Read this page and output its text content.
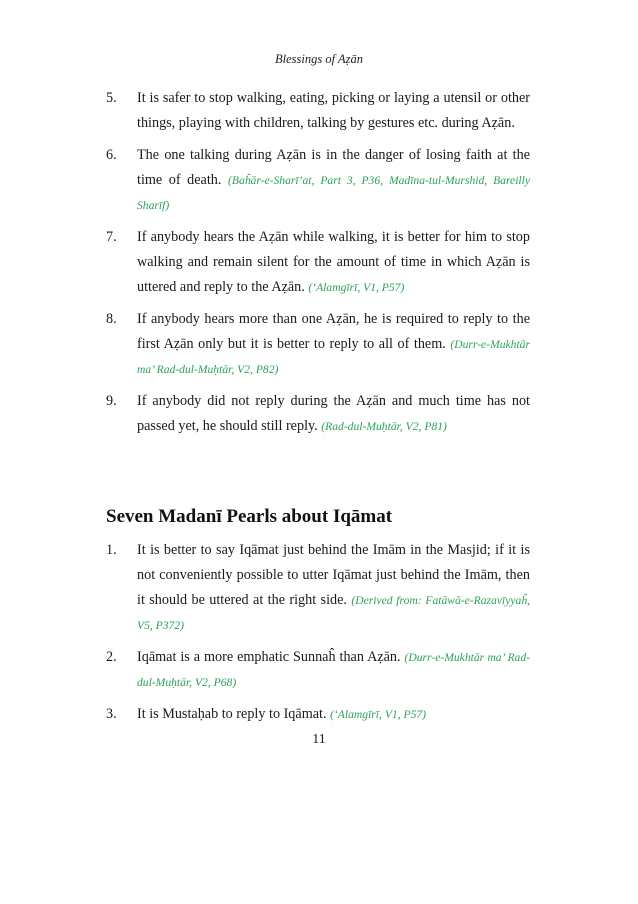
Blessings of Aẓān
5. It is safer to stop walking, eating, picking or laying a utensil or other things, playing with children, talking by gestures etc. during Aẓān.
6. The one talking during Aẓān is in the danger of losing faith at the time of death. (Baĥār-e-Sharī’at, Part 3, P36, Madīna-tul-Murshid, Bareilly Sharīf)
7. If anybody hears the Aẓān while walking, it is better for him to stop walking and remain silent for the amount of time in which Aẓān is uttered and reply to the Aẓān. (‘Alamgīrī, V1, P57)
8. If anybody hears more than one Aẓān, he is required to reply to the first Aẓān only but it is better to reply to all of them. (Durr-e-Mukhtār ma’ Rad-dul-Muḥtār, V2, P82)
9. If anybody did not reply during the Aẓān and much time has not passed yet, he should still reply. (Rad-dul-Muḥtār, V2, P81)
Seven Madanī Pearls about Iqāmat
1. It is better to say Iqāmat just behind the Imām in the Masjid; if it is not conveniently possible to utter Iqāmat just behind the Imām, then it should be uttered at the right side. (Derived from: Fatāwā-e-Razavīyyaĥ, V5, P372)
2. Iqāmat is a more emphatic Sunnaĥ than Aẓān. (Durr-e-Mukhtār ma’ Rad-dul-Muḥtār, V2, P68)
3. It is Mustaḥab to reply to Iqāmat. (‘Alamgīrī, V1, P57)
11
